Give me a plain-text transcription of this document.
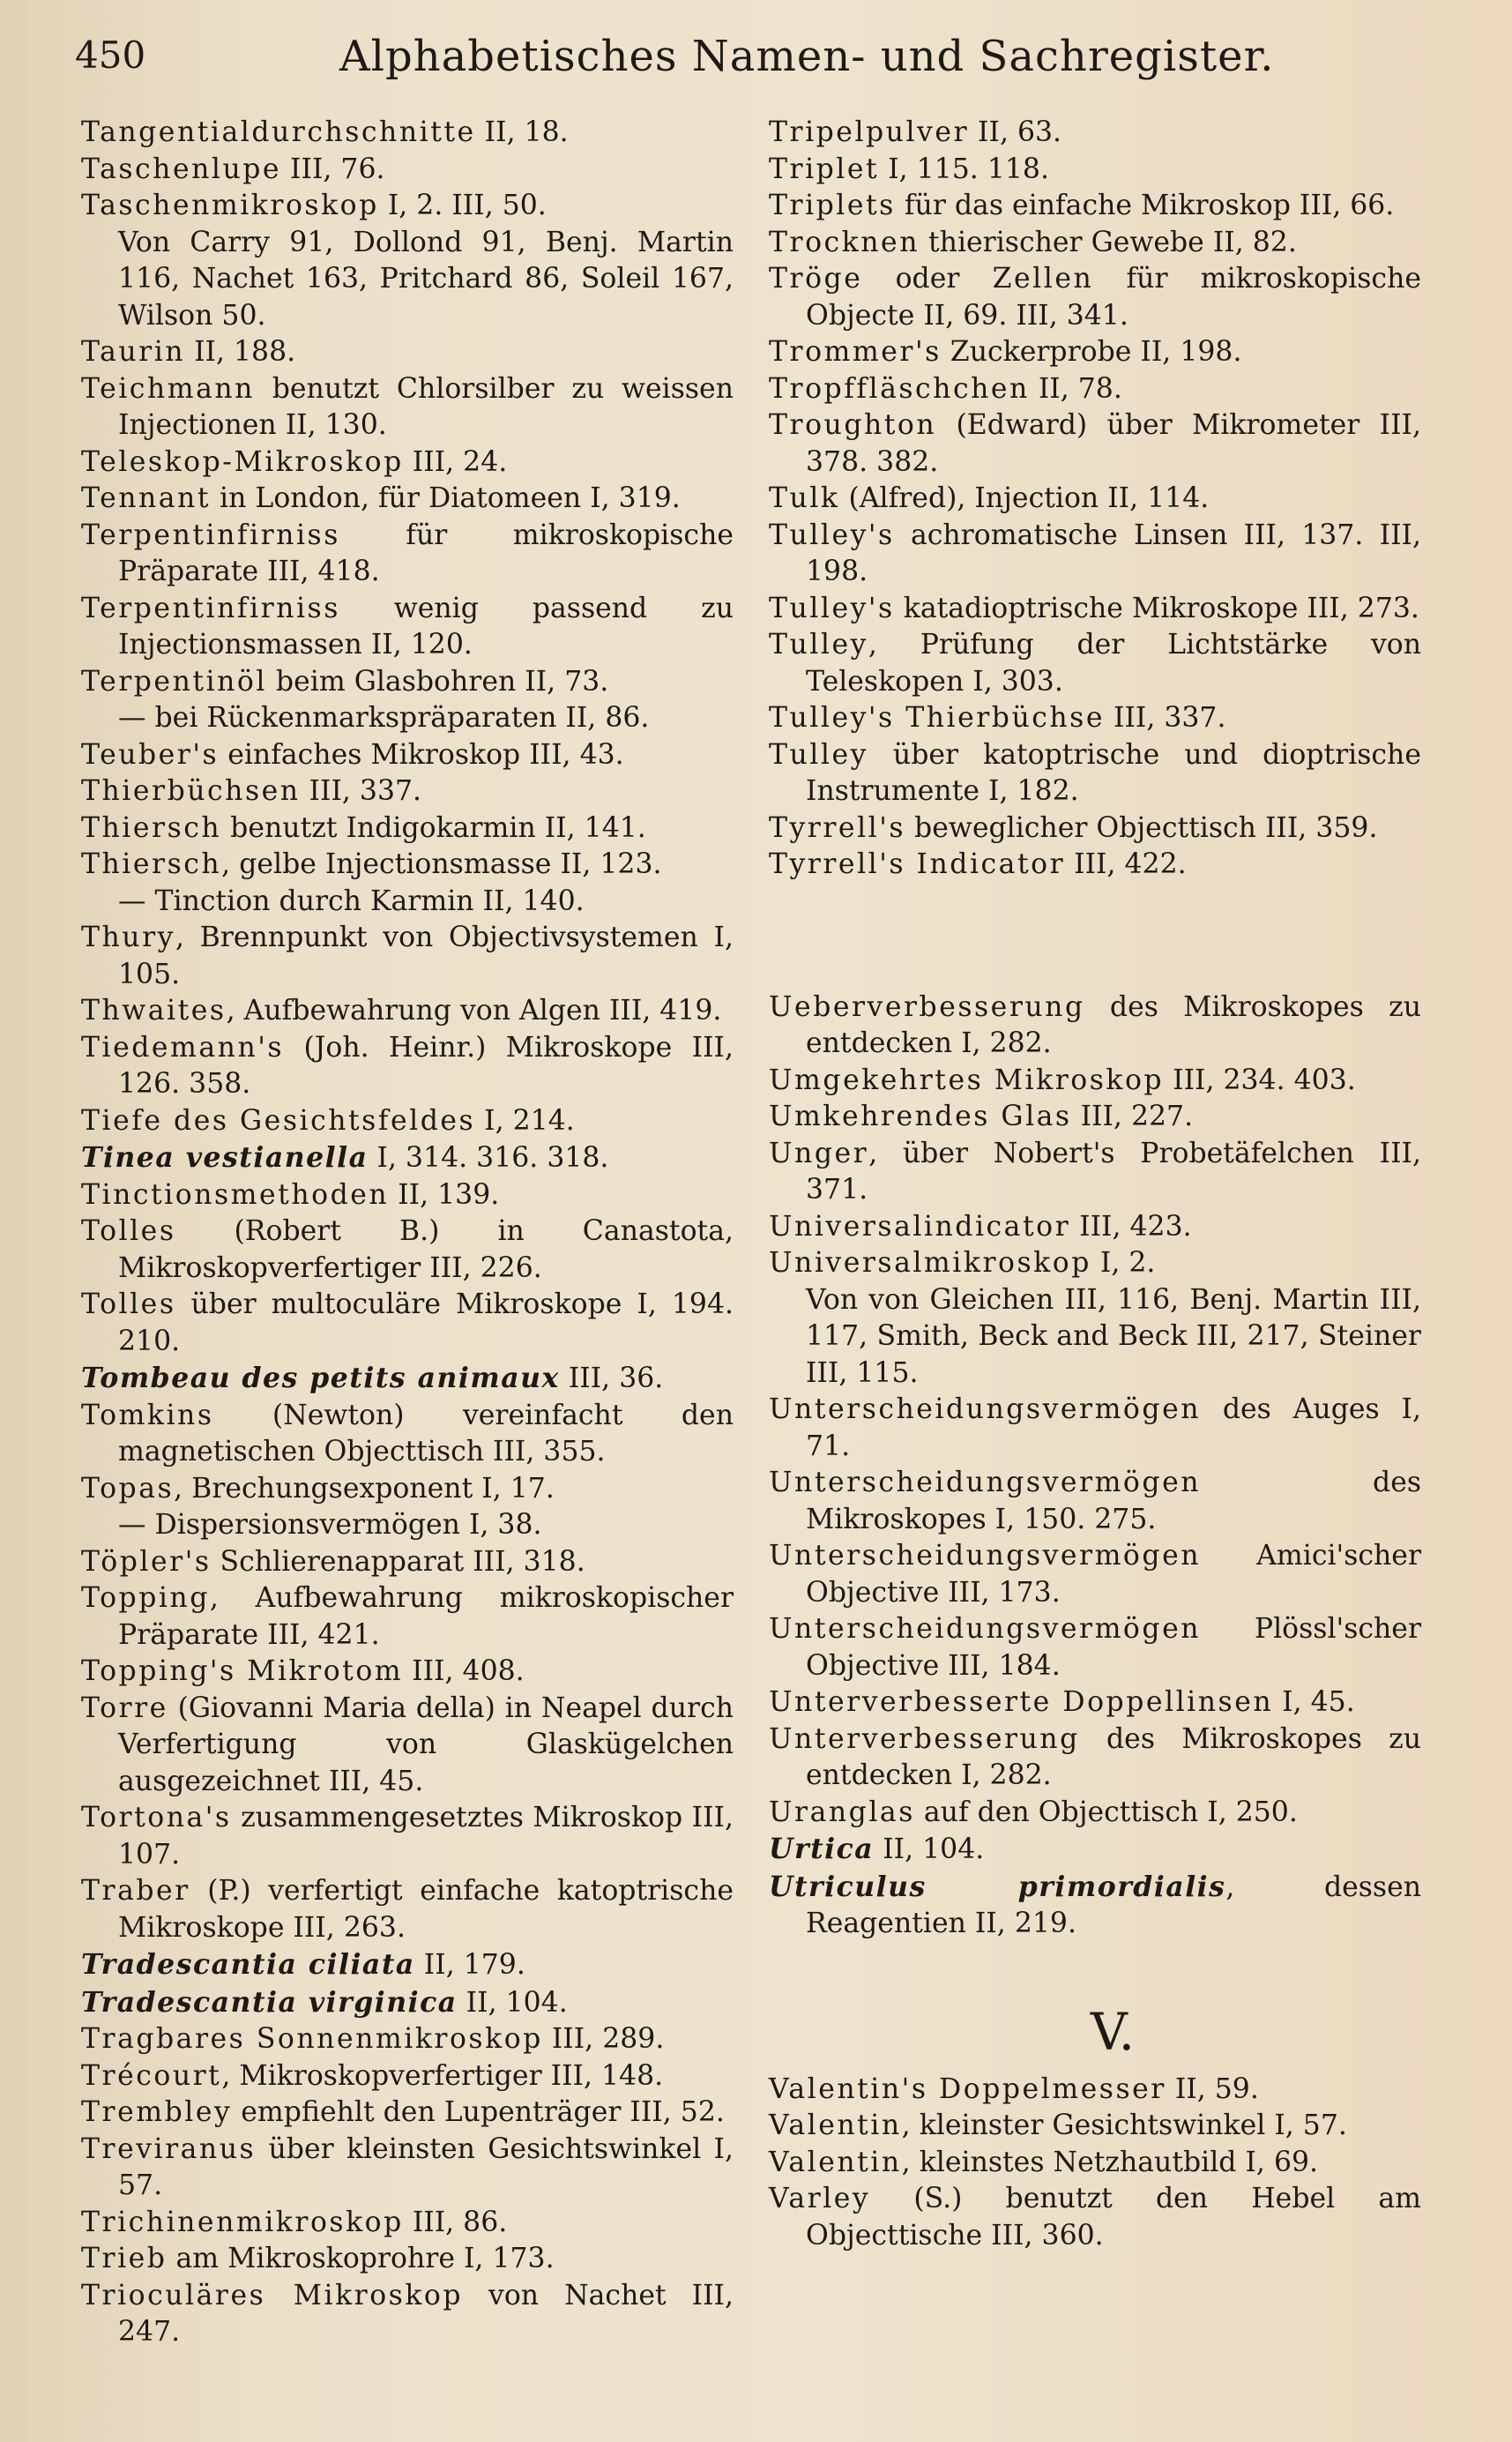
450	Alphabetisches Namen- und Sachregister.

Tangentialdurchschnitte II, 18.

Taschenlupe III, 76.

Taschenmikroskop I, 2. III, 50.

Von Carry 91, Dollond 91, Benj. Martin 116, Nachet 163, Pritchard 86, Soleil 167, Wilson 50.

Taurin II, 188.

Teichmann benutzt Chlorsilber zu weissen Injectionen II, 130.

Teleskop-Mikroskop III, 24.

Tennant in London, für Diatomeen I, 319.

Terpentinfirniss für mikroskopische Präparate III, 418.

Terpentinfirniss wenig passend zu Injectionsmassen II, 120.

Terpentinöl beim Glasbohren II, 73.

— bei Rückenmarkspräparaten II, 86.

Teuber's einfaches Mikroskop III, 43.

Thierbüchsen III, 337.

Thiersch benutzt Indigokarmin II, 141.

Thiersch, gelbe Injectionsmasse II, 123.

— Tinction durch Karmin II, 140.

Thury, Brennpunkt von Objectivsystemen I, 105.

Thwaites, Aufbewahrung von Algen III, 419.

Tiedemann's (Joh. Heinr.) Mikroskope III, 126. 358.

Tiefe des Gesichtsfeldes I, 214.

Tinea vestianella I, 314. 316. 318.

Tinctionsmethoden II, 139.

Tolles (Robert B.) in Canastota, Mikroskopverfertiger III, 226.

Tolles über multoculäre Mikroskope I, 194. 210.

Tombeau des petits animaux III, 36.

Tomkins (Newton) vereinfacht den magnetischen Objecttisch III, 355.

Topas, Brechungsexponent I, 17.

— Dispersionsvermögen I, 38.

Töpler's Schlierenapparat III, 318.

Topping, Aufbewahrung mikroskopischer Präparate III, 421.

Topping's Mikrotom III, 408.

Torre (Giovanni Maria della) in Neapel durch Verfertigung von Glaskügelchen ausgezeichnet III, 45.

Tortona's zusammengesetztes Mikroskop III, 107.

Traber (P.) verfertigt einfache katoptrische Mikroskope III, 263.

Tradescantia ciliata II, 179.

Tradescantia virginica II, 104.

Tragbares Sonnenmikroskop III, 289.

Trécourt, Mikroskopverfertiger III, 148.

Trembley empfiehlt den Lupenträger III, 52.

Treviranus über kleinsten Gesichtswinkel I, 57.

Trichinenmikroskop III, 86.

Trieb am Mikroskoprohre I, 173.

Trioculäres Mikroskop von Nachet III, 247.

Tripelpulver II, 63.

Triplet I, 115. 118.

Triplets für das einfache Mikroskop III, 66.

Trocknen thierischer Gewebe II, 82.

Tröge oder Zellen für mikroskopische Objecte II, 69. III, 341.

Trommer's Zuckerprobe II, 198.

Tropffläschchen II, 78.

Troughton (Edward) über Mikrometer III, 378. 382.

Tulk (Alfred), Injection II, 114.

Tulley's achromatische Linsen III, 137. III, 198.

Tulley's katadioptrische Mikroskope III, 273.

Tulley, Prüfung der Lichtstärke von Teleskopen I, 303.

Tulley's Thierbüchse III, 337.

Tulley über katoptrische und dioptrische Instrumente I, 182.

Tyrrell's beweglicher Objecttisch III, 359.

Tyrrell's Indicator III, 422.

Ueberverbesserung des Mikroskopes zu entdecken I, 282.

Umgekehrtes Mikroskop III, 234. 403.

Umkehrendes Glas III, 227.

Unger, über Nobert's Probetäfelchen III, 371.

Universalindicator III, 423.

Universalmikroskop I, 2.

Von von Gleichen III, 116, Benj. Martin III, 117, Smith, Beck and Beck III, 217, Steiner III, 115.

Unterscheidungsvermögen des Auges I, 71.

Unterscheidungsvermögen des Mikroskopes I, 150. 275.

Unterscheidungsvermögen Amici'scher Objective III, 173.

Unterscheidungsvermögen Plössl'scher Objective III, 184.

Unterverbesserte Doppellinsen I, 45.

Unterverbesserung des Mikroskopes zu entdecken I, 282.

Uranglas auf den Objecttisch I, 250.

Urtica II, 104.

Utriculus primordialis, dessen Reagentien II, 219.

V.

Valentin's Doppelmesser II, 59.

Valentin, kleinster Gesichtswinkel I, 57.

Valentin, kleinstes Netzhautbild I, 69.

Varley (S.) benutzt den Hebel am Objecttische III, 360.
